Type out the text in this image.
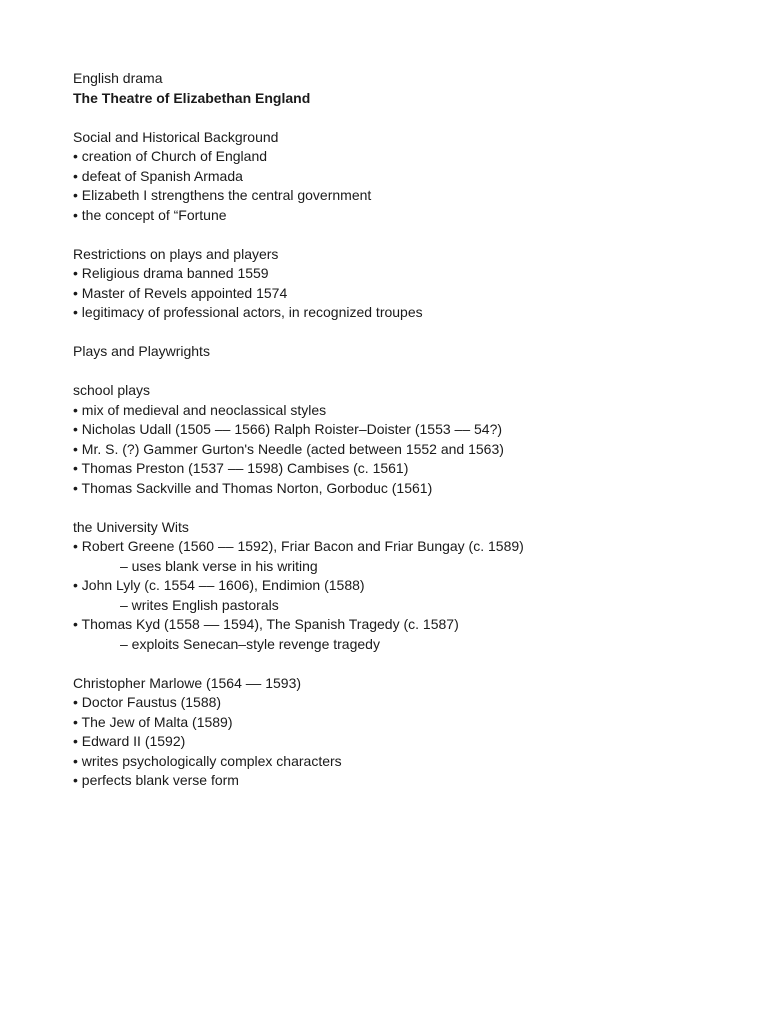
English drama
The Theatre of Elizabethan England
Social and Historical Background
• creation of Church of England
• defeat of Spanish Armada
• Elizabeth I strengthens the central government
• the concept of “Fortune
Restrictions on plays and players
• Religious drama banned 1559
• Master of Revels appointed 1574
• legitimacy of professional actors, in recognized troupes
Plays and Playwrights
school plays
• mix of medieval and neoclassical styles
• Nicholas Udall (1505 –– 1566) Ralph Roister–Doister (1553 –– 54?)
• Mr. S. (?) Gammer Gurton's Needle (acted between 1552 and 1563)
• Thomas Preston (1537 –– 1598) Cambises (c. 1561)
• Thomas Sackville and Thomas Norton, Gorboduc (1561)
the University Wits
• Robert Greene (1560 –– 1592), Friar Bacon and Friar Bungay (c. 1589)
– uses blank verse in his writing
• John Lyly (c. 1554 –– 1606), Endimion (1588)
– writes English pastorals
• Thomas Kyd (1558 –– 1594), The Spanish Tragedy (c. 1587)
– exploits Senecan–style revenge tragedy
Christopher Marlowe (1564 –– 1593)
• Doctor Faustus (1588)
• The Jew of Malta (1589)
• Edward II (1592)
• writes psychologically complex characters
• perfects blank verse form
